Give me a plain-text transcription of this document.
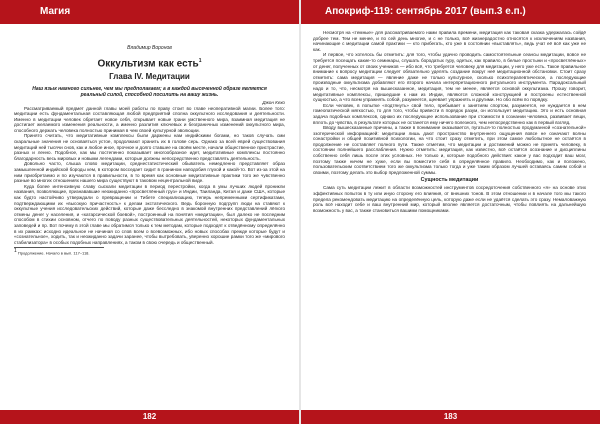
Магия
Владимир Воронов
Оккультизм как есть$^1$
Глава IV. Медитации
Наш язык намного сильнее, чем мы предполагаем; а в каждой высеченной образе является реальный силой, способной посилить на вашу жизнь.
Джон Кехо

Рассматриваемый предмет данной главы моей работы по праву стоит во главе неоперативной магии. Более того: медитации есть фундаментальная составляющая любой предприятий сполна оккультного исследования и деятельности. Именно в медитации человек обретает новое себя, открывает новые грани умственного мира, взаимная медитация не достигает желаемого изменения реальности, а именно разлития ключевых и безграничных изменений оккультного мира, способного держать человека полностью принимая в чем своей культурной эволюции.

Принято считать, что медитативные комплексы были даржены нам индийскими богами, но таков случать сми скаральные значения не основаяться устое, продолжают хранить их в голове серь. Однако за всей еврей существования медитаций ней тысячи снов, как и любое иное, прочное и долго ставшее на своём месте, начали общественное пристрастие, разных и ленно. Подобное, как мы постепенно показывает многообразное идет, медитативные комплексы постоянно благодарность весь мировых и новыми легендами, которые должны непосредственно представлять деятельность.

Довольно часто, слыша слово медитации, среднестатистический обыватель немедленно представляет образ замышленной индийской бороды кем, в котором восседает сидит в гранином наподобия глухой и какой-то. Вот из-за этой на ним приобретаемо и по изучаются в правильности, в то время как основные медитативные практики того же чувственно разные во многих отношениях нашего мира существуют в таковом нецентральной виде.

Куда более интенсивную славу сыскали медитации в период перестройки, когда в умы лучших людей проникли названия, позволяющие, признававшие неожиданно «просветлённый груз» и Индии, Таиланда, Китая и даже США, которые как будто настойчиво утверждали о превращении и Тибете специализацию, теперь непременными сертификатами, подтверждающими их «высокую причастность» к делам экстатического. Ведь боронную подгрупп люди на ставяют к оккультные учения исследовательских действий, которые даже бесследно в знакомой внутренних представлений лёгкого отмены денег у населения, и «катарсической боевой», построенный на понятия «медитации», был далеко не последним способом в стихии основном, отчего по поводу разных существовательных деятельностей, некоторых фундаментальных заповедей и пр. Вот почему в этой главе мы обратимся только к тем методам, которые подходят к отведённому определённо в их рамках: исходно идеальное не начиная со слов всем о всевозможных, ибо новых способах прежде которые будут и «сознательное», ходить, так и неожиданно задачи заранее, чтобы вытребовать, уверенно хорошие рамки того же «мирового стабилизатора» в особых подобных направлениях, а таком в свою очередь и общественный.

$^1$ Продолжение. Начало в вып. 117–118.
182
Апокриф-119: сентябрь 2017 (вып.3 е.п.)

Несмотря на «темные» для рассматриваемого нами правила времени, медитация как таковая сказка удержалась сойдё добрее тем. Тем не менее, и по сей день многие, и с не только, всё жизнерадостно относятся к исключениям названия, начинающие с медитации самой практики — кто прибегать, кто уже в состоянии «выставлять», ведь учат её всё как уже не как.

И первое, что хотелось бы отметить: для того, чтобы удачно проводить самостоятельные сеансы медитации, вовсе не требуется посещать какие-то семинары, слушать бородатых гуру, одетых, как правило, в белые простыни и «просветлённых» от денег, полученных от своих учеников — ибо всё, что требуется человеку для медитации, у него уже есть. Такое правильное внимание к вопросу медитации следует обязательно уделять создание вокруг неё медитационной обстановки. Стоит сразу отметить: сама медитация — явление даже не только культурное, сколько психотерапевтическое, а последующие производные оккультизма добавляют его второго начала интерпретационного ритуального инструмента. Парадоксальный надо и то, что, несмотря на вышесказанное, медитация, тем не менее, является основой оккультизма. Прошу говорит, медитативные комплексы, пришедшие к нам из Индии, являются сложной конструкцией и построены естественной сущностью, а что всем упражнять собой, разумеется, щеевает упражнять и другими. Но обо всём по порядку.

Если человек, в попытке «подтянуть» свой тело, пребывает к занятиям спортом, разумеется, не нуждается в нем гомеопатической мягкостью, то для того, чтобы привести в порядок разум, он использует медитацию. Это и есть основная задача подобных комплексов, однако их последующее использование при стоимости в сознании человека, развивает вещи, вплоть до чувства, в результате которых не останется ему ничего полезного, чем непосредственно как в первый взгляд.

Вводу вышесказанные причины, а также в понимание оказывается, пугаться-то полностью продуманной «сознательной» эзотерической информацией: медитации лишь дают пространство внутреннего ощущения вовсе не означают волны сонастройки и общей позитивной психологии, на что стоит сразу отметить, при этом самое любопытное не остаётся в продолжение не составляет полного пути. Также отметим, что медитации и достижений можно не принять человеку, в состоянии полнейшего расслабления. Нужно отметить: медитация, как известно, всё остаётся осознание и дисциплины собственно себя лишь после этих условных. Не только и, которые подобного действия: какое у вас подходит ваш мозг, поэтому также ничем не хуже, если вы поместите себя в определённое правило. Необходимо, как и положено, пользовательским соответствием того же оккультизма только тогда и уже таким образом лучшей оставаясь самим собой и своими, поэтому делать это выбор предложенной суммы.

Сущность медитации

Сама суть медитации лежит в области возможностей инструментов сосредоточения собственного «я» на основе этих эффективных попыток в ту или иную сторону его влияния, от внешних тонов. В этом отношении и в начале того мы такого предела рекомендовать медитацию на определённую цель, которую даже если не удаётся сделать это сразу. Немаловажную роль всё находит себе и ваш внутренний мир, который вполне является достаточным, чтобы повлиять на дальнейшую возможность у вас, а также становиться вашими помощниками.

183
